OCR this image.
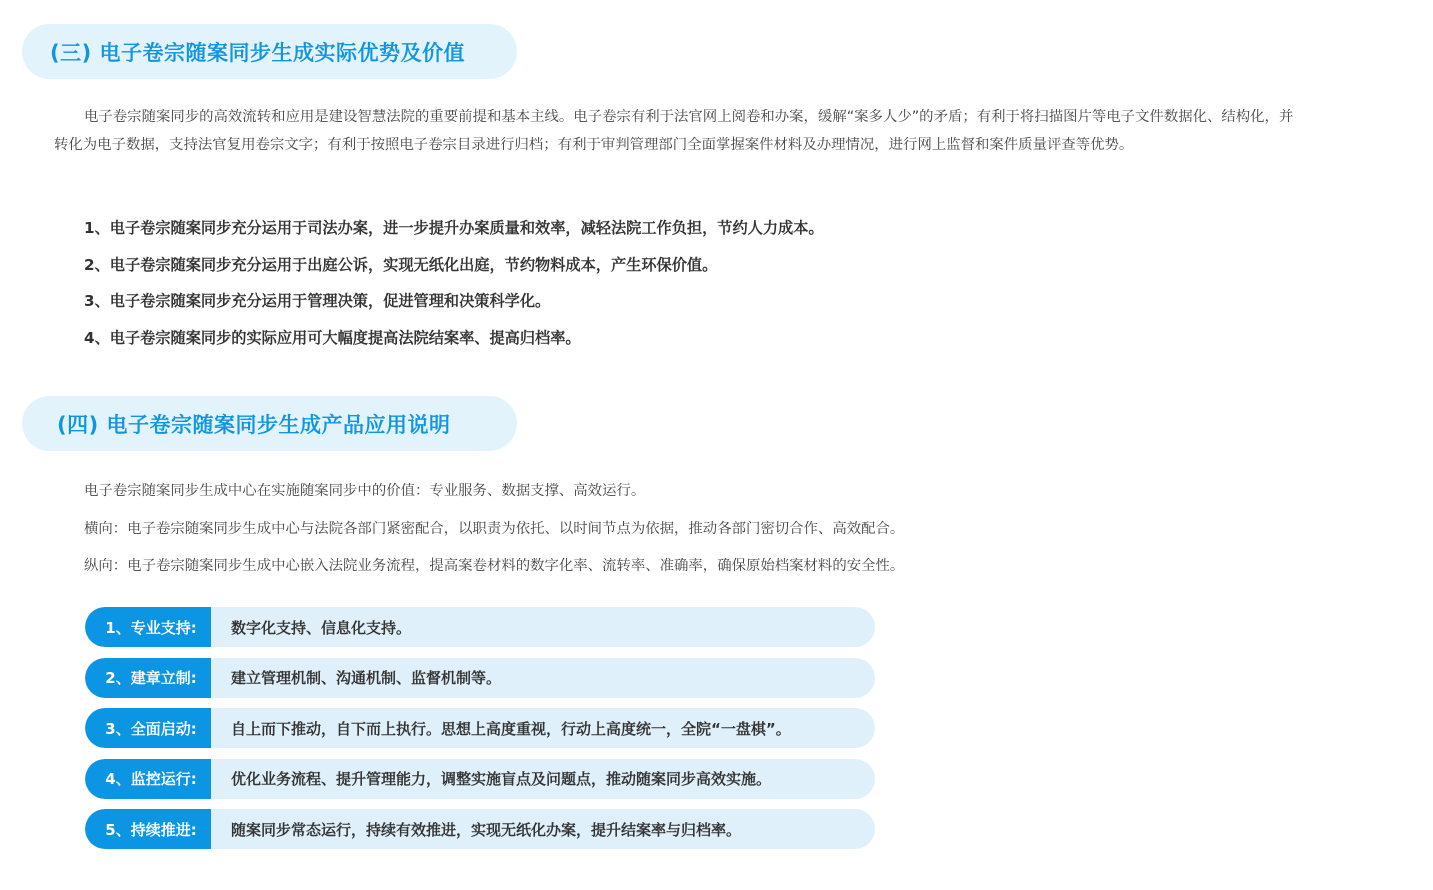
(三) 电子卷宗随案同步生成实际优势及价值

电子卷宗随案同步的高效流转和应用是建设智慧法院的重要前提和基本主线。电子卷宗有利于法官网上阅卷和办案，缓解“案多人少”的矛盾；有利于将扫描图片等电子文件数据化、结构化，并转化为电子数据，支持法官复用卷宗文字；有利于按照电子卷宗目录进行归档；有利于审判管理部门全面掌握案件材料及办理情况，进行网上监督和案件质量评查等优势。

1、电子卷宗随案同步充分运用于司法办案，进一步提升办案质量和效率，减轻法院工作负担，节约人力成本。
2、电子卷宗随案同步充分运用于出庭公诉，实现无纸化出庭，节约物料成本，产生环保价值。
3、电子卷宗随案同步充分运用于管理决策，促进管理和决策科学化。
4、电子卷宗随案同步的实际应用可大幅度提高法院结案率、提高归档率。
(四) 电子卷宗随案同步生成产品应用说明

电子卷宗随案同步生成中心在实施随案同步中的价值：专业服务、数据支撑、高效运行。

横向：电子卷宗随案同步生成中心与法院各部门紧密配合，以职责为依托、以时间节点为依据，推动各部门密切合作、高效配合。

纵向：电子卷宗随案同步生成中心嵌入法院业务流程，提高案卷材料的数字化率、流转率、准确率，确保原始档案材料的安全性。

1、专业支持:	数字化支持、信息化支持。
2、建章立制:	建立管理机制、沟通机制、监督机制等。
3、全面启动:	自上而下推动，自下而上执行。思想上高度重视，行动上高度统一，全院“一盘棋”。
4、监控运行:	优化业务流程、提升管理能力，调整实施盲点及问题点，推动随案同步高效实施。
5、持续推进:	随案同步常态运行，持续有效推进，实现无纸化办案，提升结案率与归档率。
